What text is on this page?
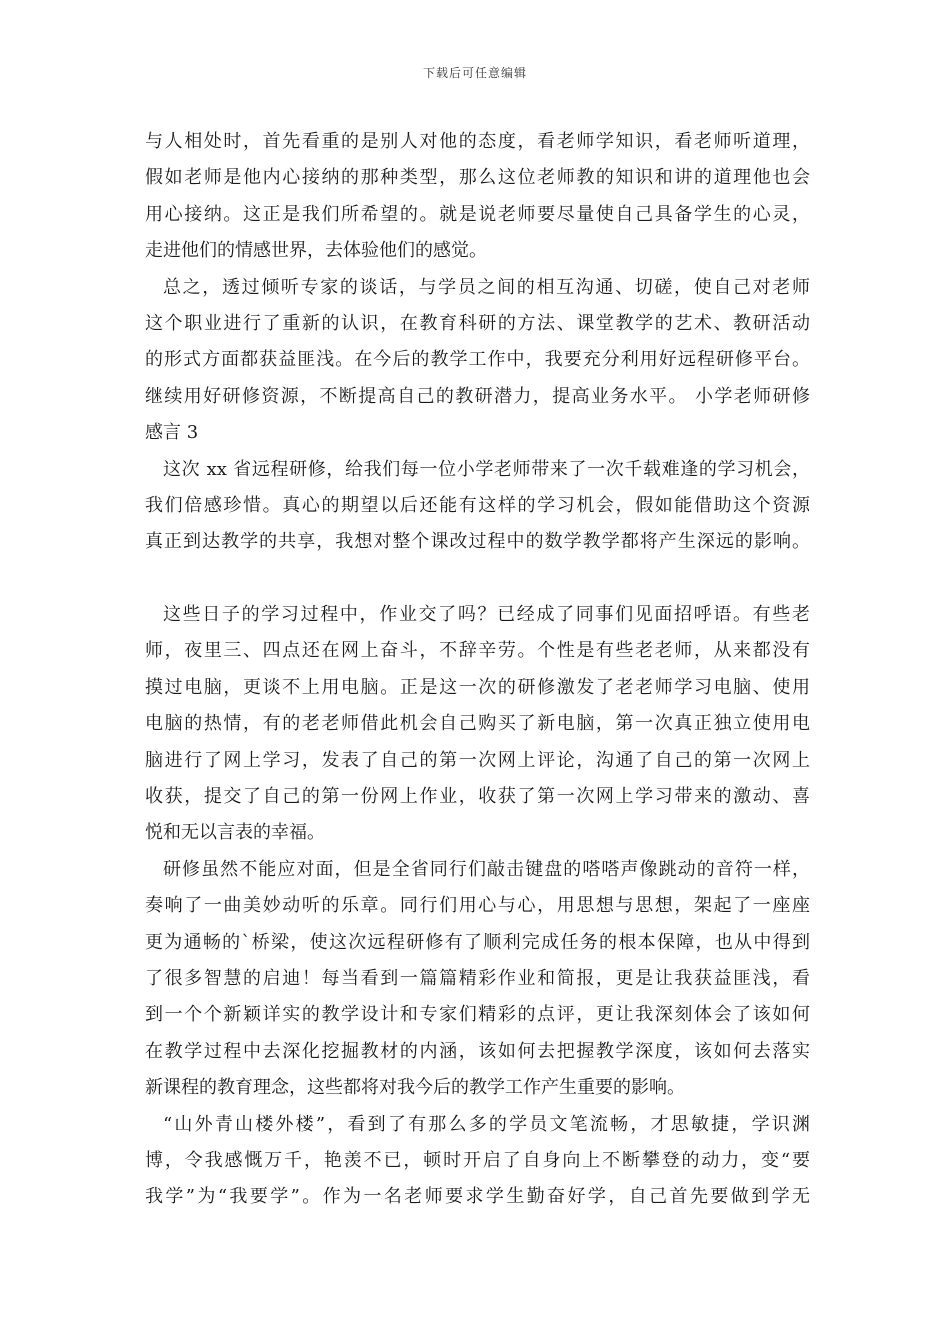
下载后可任意编辑
与人相处时，首先看重的是别人对他的态度，看老师学知识，看老师听道理，
假如老师是他内心接纳的那种类型，那么这位老师教的知识和讲的道理他也会
用心接纳。这正是我们所希望的。就是说老师要尽量使自己具备学生的心灵，
走进他们的情感世界，去体验他们的感觉。
总之，透过倾听专家的谈话，与学员之间的相互沟通、切磋，使自己对老师
这个职业进行了重新的认识，在教育科研的方法、课堂教学的艺术、教研活动
的形式方面都获益匪浅。在今后的教学工作中，我要充分利用好远程研修平台。
继续用好研修资源，不断提高自己的教研潜力，提高业务水平。 小学老师研修
感言 3
这次 xx 省远程研修，给我们每一位小学老师带来了一次千载难逢的学习机会，
我们倍感珍惜。真心的期望以后还能有这样的学习机会，假如能借助这个资源
真正到达教学的共享，我想对整个课改过程中的数学教学都将产生深远的影响。
这些日子的学习过程中，作业交了吗？已经成了同事们见面招呼语。有些老
师，夜里三、四点还在网上奋斗，不辞辛劳。个性是有些老老师，从来都没有
摸过电脑，更谈不上用电脑。正是这一次的研修激发了老老师学习电脑、使用
电脑的热情，有的老老师借此机会自己购买了新电脑，第一次真正独立使用电
脑进行了网上学习，发表了自己的第一次网上评论，沟通了自己的第一次网上
收获，提交了自己的第一份网上作业，收获了第一次网上学习带来的激动、喜
悦和无以言表的幸福。
研修虽然不能应对面，但是全省同行们敲击键盘的嗒嗒声像跳动的音符一样，
奏响了一曲美妙动听的乐章。同行们用心与心，用思想与思想，架起了一座座
更为通畅的`桥梁，使这次远程研修有了顺利完成任务的根本保障，也从中得到
了很多智慧的启迪！每当看到一篇篇精彩作业和简报，更是让我获益匪浅，看
到一个个新颖详实的教学设计和专家们精彩的点评，更让我深刻体会了该如何
在教学过程中去深化挖掘教材的内涵，该如何去把握教学深度，该如何去落实
新课程的教育理念，这些都将对我今后的教学工作产生重要的影响。
“山外青山楼外楼”，看到了有那么多的学员文笔流畅，才思敏捷，学识渊
博，令我感慨万千，艳羡不已，顿时开启了自身向上不断攀登的动力，变“要
我学”为“我要学”。作为一名老师要求学生勤奋好学，自己首先要做到学无
